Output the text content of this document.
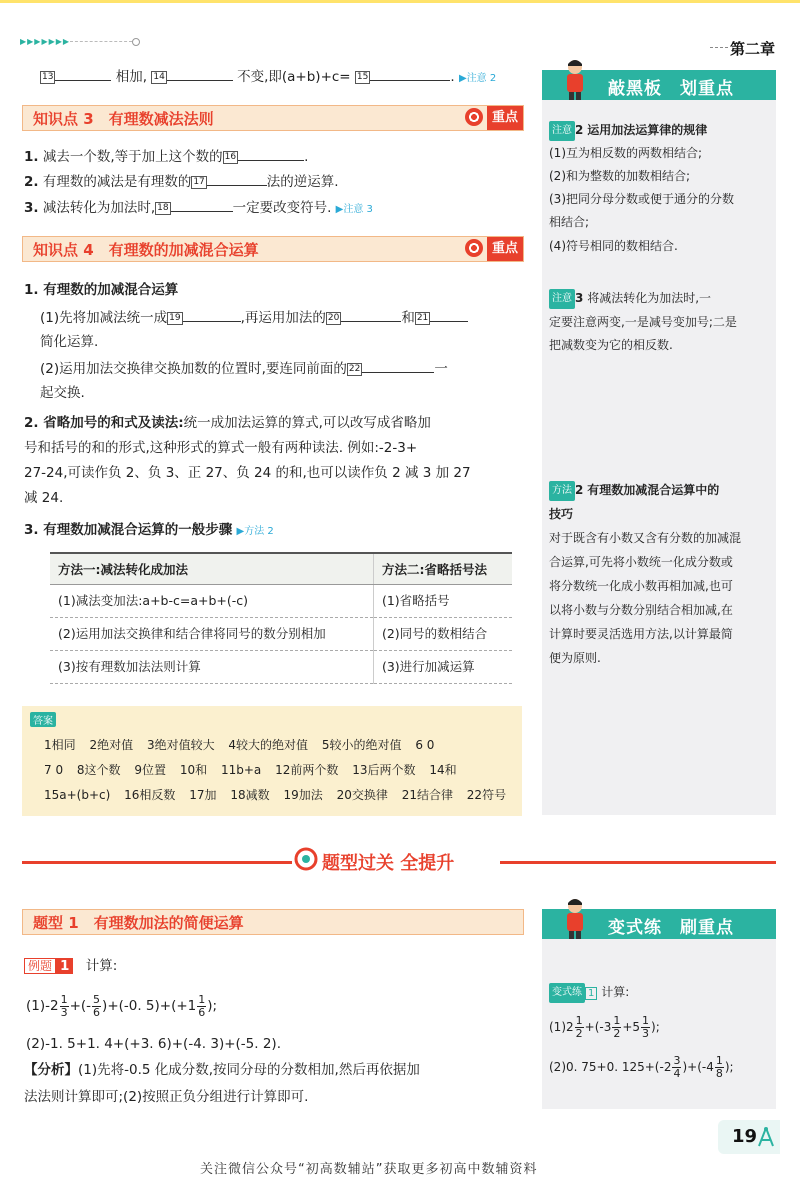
▶▶▶▶▶▶▶	第二章
13	相加, 14	不变,即(a+b)+c= 15	. ▶注意 2
知识点 3　有理数减法法则	重点
1. 减去一个数,等于加上这个数的 16	.
2. 有理数的减法是有理数的 17	法的逆运算.
3. 减法转化为加法时, 18	一定要改变符号. ▶注意 3
知识点 4　有理数的加减混合运算	重点
1. 有理数的加减混合运算
(1)先将加减法统一成 19	,再运用加法的 20	和 21
简化运算.
(2)运用加法交换律交换加数的位置时,要连同前面的 22	一
起交换.
2. 省略加号的和式及读法:统一成加法运算的算式,可以改写成省略加
号和括号的和的形式,这种形式的算式一般有两种读法. 例如:-2-3+
27-24,可读作负 2、负 3、正 27、负 24 的和,也可以读作负 2 减 3 加 27
减 24.
3. 有理数加减混合运算的一般步骤 ▶方法 2
方法一:减法转化成加法	方法二:省略括号法
(1)减法变加法:a+b-c=a+b+(-c)	(1)省略括号
(2)运用加法交换律和结合律将同号的数分别相加	(2)同号的数相结合
(3)按有理数加法法则计算	(3)进行加减运算
答案
1相同 2绝对值 3绝对值较大 4较大的绝对值 5较小的绝对值 6 0
7 0 8这个数 9位置 10和 11b+a 12前两个数 13后两个数 14和
15a+(b+c) 16相反数 17加 18减数 19加法 20交换律 21结合律 22符号
敲黑板　划重点
注意 2 运用加法运算律的规律
(1)互为相反数的两数相结合;
(2)和为整数的加数相结合;
(3)把同分母分数或便于通分的分数
相结合;
(4)符号相同的数相结合.
注意 3 将减法转化为加法时,一
定要注意两变,一是减号变加号;二是
把减数变为它的相反数.
方法 2 有理数加减混合运算中的
技巧
对于既含有小数又含有分数的加减混
合运算,可先将小数统一化成分数或
将分数统一化成小数再相加减,也可
以将小数与分数分别结合相加减,在
计算时要灵活选用方法,以计算最简
便为原则.
题型过关 全提升
题型 1　有理数加法的简便运算
例题 1 计算:
$(1)-2 \frac{1}{3}$ +(- $\frac{5}{6} )+(-0$. $5)+(+1 \frac{1}{6}$ );
(2)-1. 5+1. 4+(+3. 6)+(-4. 3)+(-5. 2).
【分析】(1)先将-0.5 化成分数,按同分母的分数相加,然后再依据加
法法则计算即可;(2)按照正负分组进行计算即可.
变式练　刷重点
变式练 1 计算:
$(1)2 \frac{1}{2} +(-3 \frac{1}{2} +5 \frac{1}{3}$ );
(2)0. 75+0. $125+(-2 \frac{3}{4} )+(-4 \frac{1}{8}$ );
19
关注微信公众号“初高数辅站”获取更多初高中数辅资料
